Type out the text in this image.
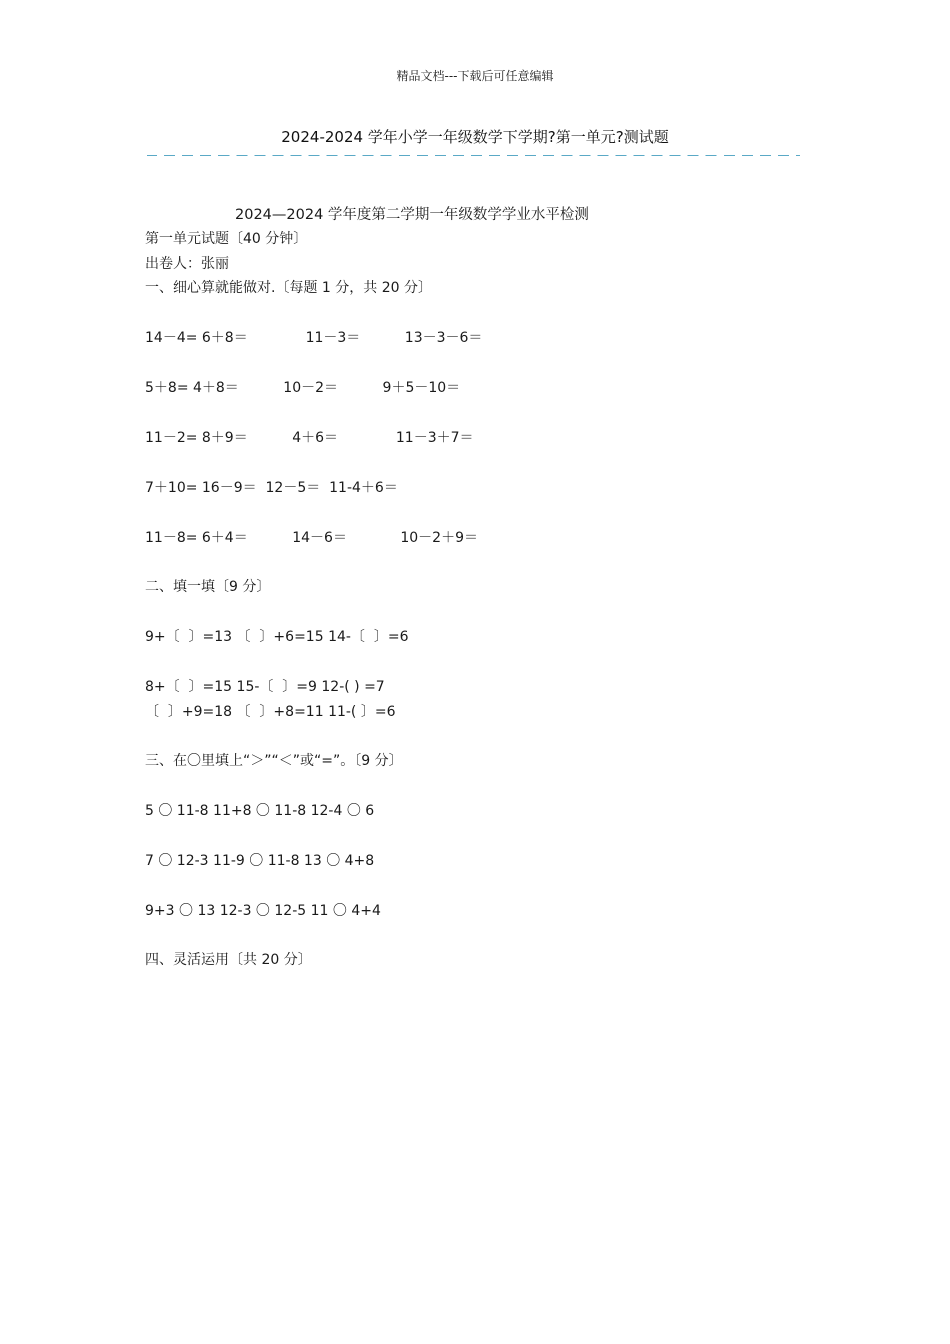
精品文档---下载后可任意编辑
2024-2024 学年小学一年级数学下学期?第一单元?测试题
2024—2024 学年度第二学期一年级数学学业水平检测
第一单元试题〔40 分钟〕
出卷人：张丽
一、细心算就能做对.〔每题 1 分，共 20 分〕
14－4= 6＋8＝             11－3＝          13－3－6＝
5＋8= 4＋8＝          10－2＝          9＋5－10＝
11－2= 8＋9＝          4＋6＝             11－3＋7＝
7＋10= 16－9＝  12－5＝  11-4＋6＝
11－8= 6＋4＝          14－6＝            10－2＋9＝
二、填一填〔9 分〕
9+〔  〕=13 〔  〕+6=15 14-〔  〕=6
8+〔  〕=15 15-〔  〕=9 12-( ) =7
〔  〕+9=18 〔  〕+8=11 11-( 〕=6
三、在〇里填上“＞”“＜”或“=”。〔9 分〕
5 〇 11-8 11+8 〇 11-8 12-4 〇 6
7 〇 12-3 11-9 〇 11-8 13 〇 4+8
9+3 〇 13 12-3 〇 12-5 11 〇 4+4
四、灵活运用〔共 20 分〕
